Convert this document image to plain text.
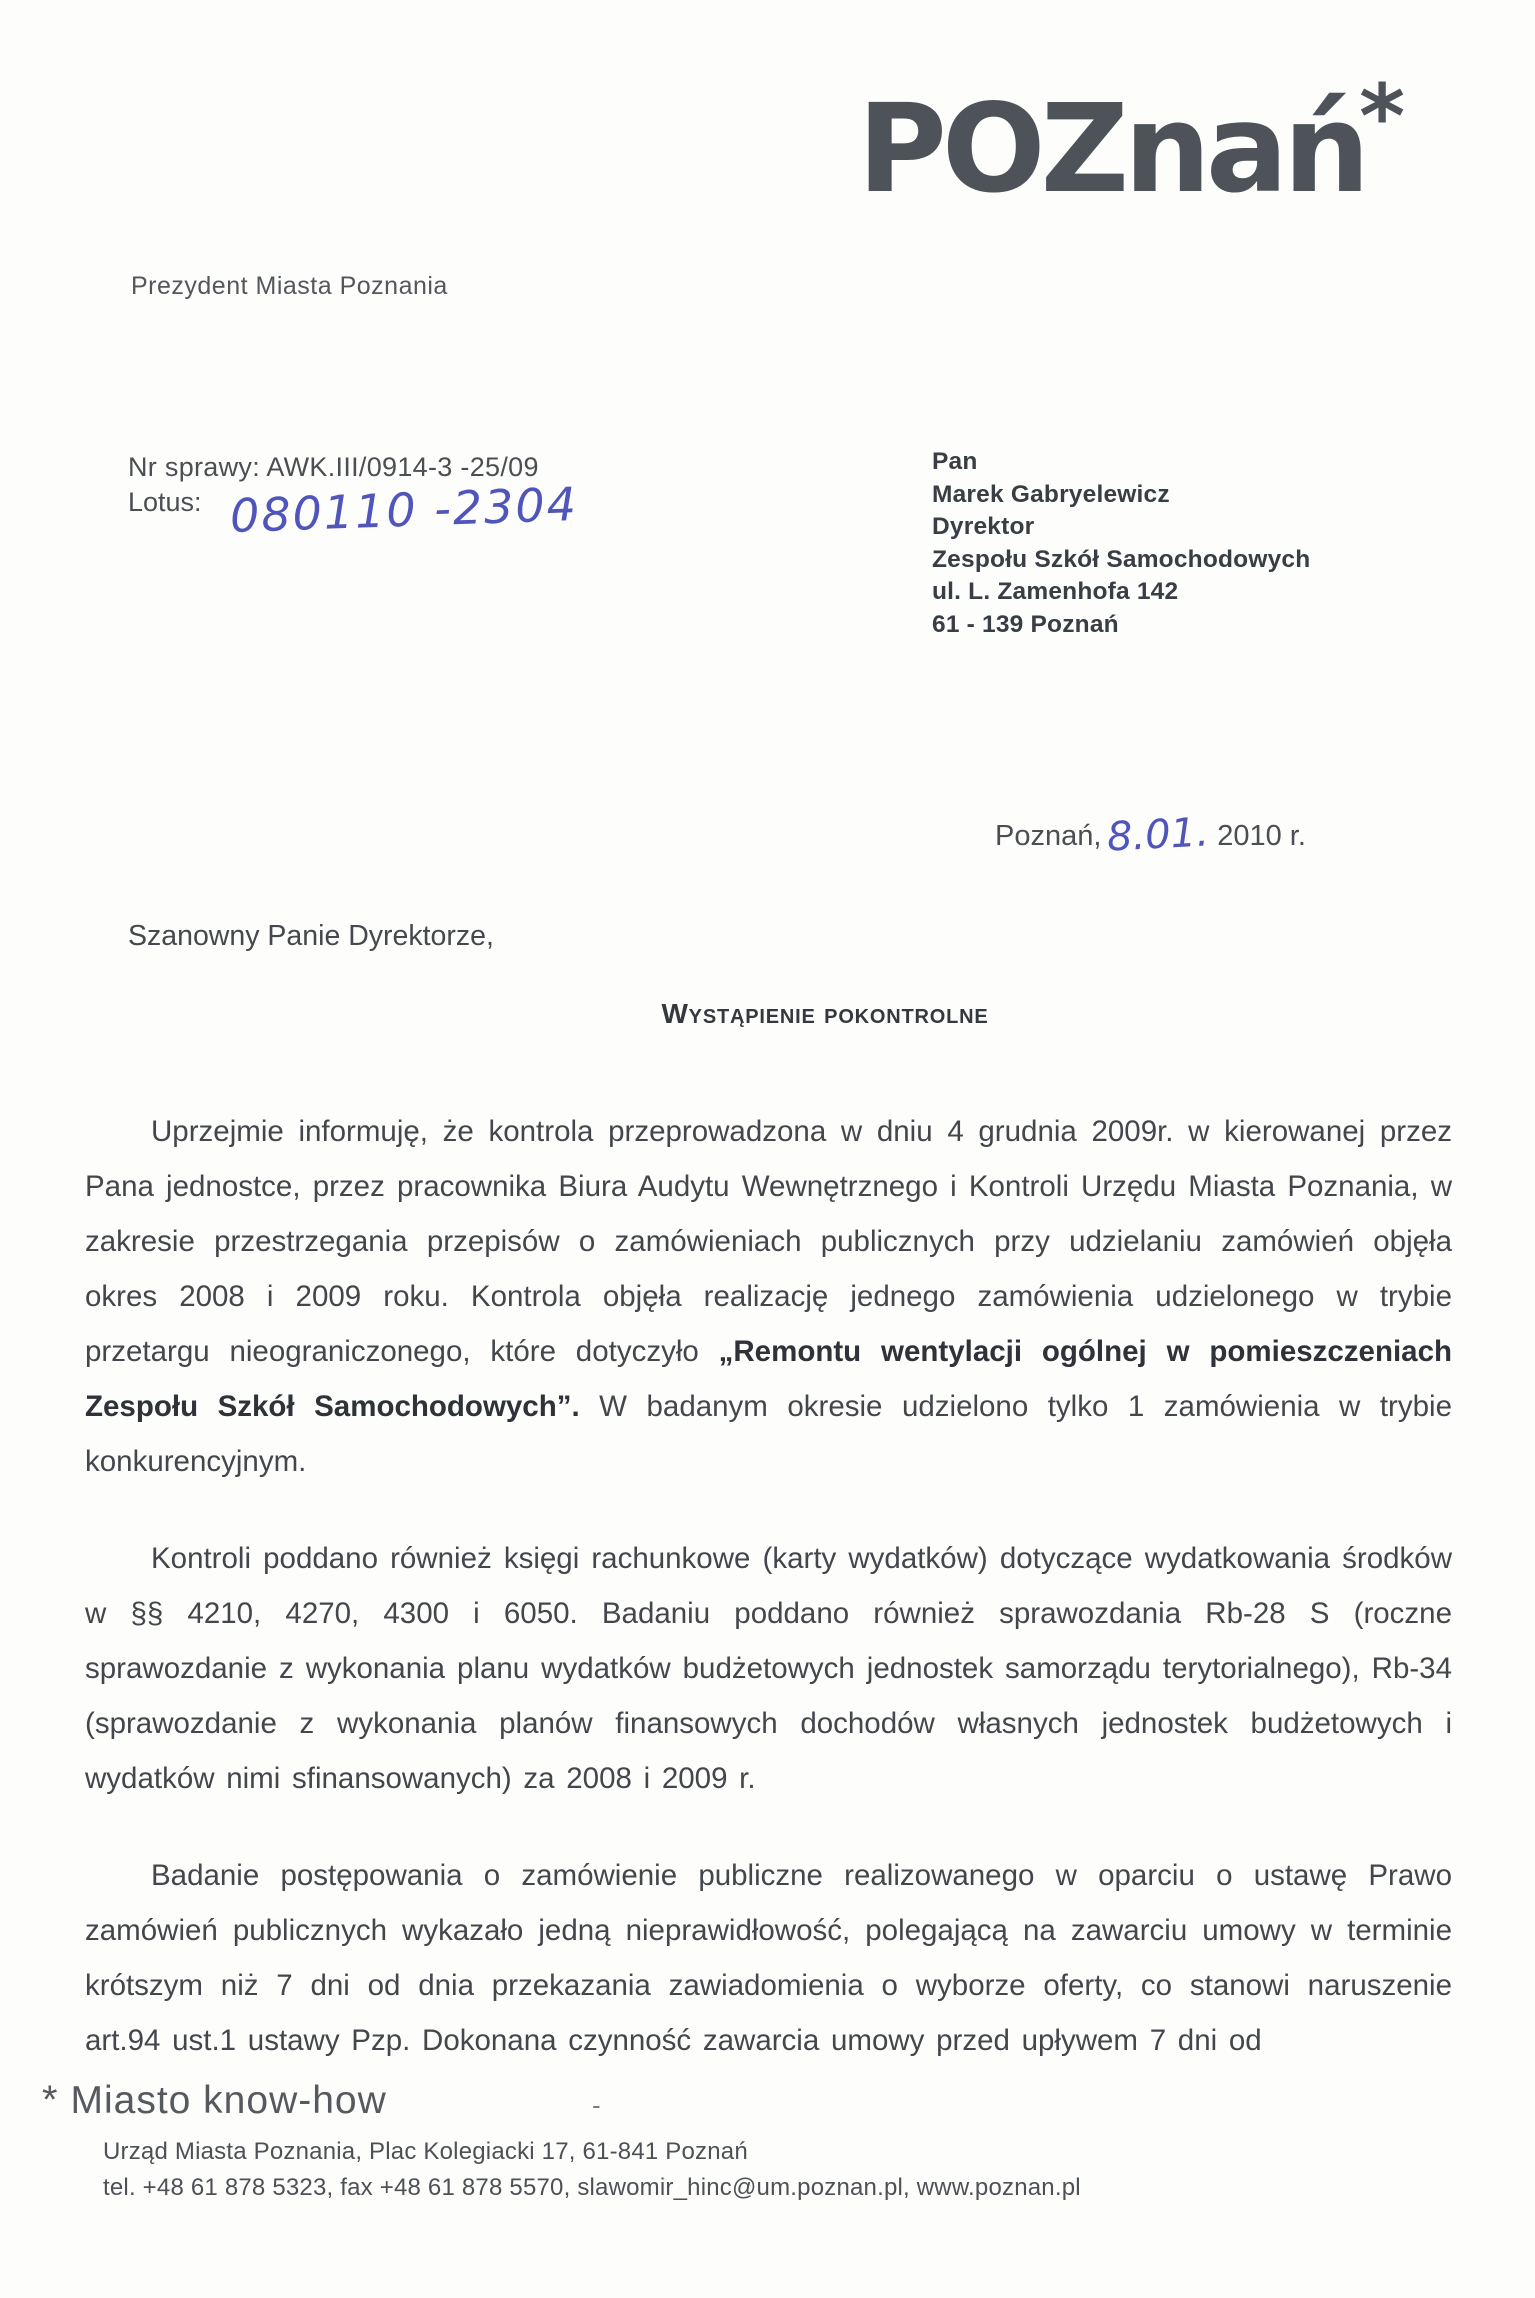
POZnań*
Prezydent Miasta Poznania
Nr sprawy: AWK.III/0914-3 -25/09
Lotus: 080110 -2304
Pan
Marek Gabryelewicz
Dyrektor
Zespołu Szkół Samochodowych
ul. L. Zamenhofa 142
61 - 139 Poznań
Poznań, 8.01. 2010 r.
Szanowny Panie Dyrektorze,
Wystąpienie pokontrolne

Uprzejmie informuję, że kontrola przeprowadzona w dniu 4 grudnia 2009r. w kierowanej przez Pana jednostce, przez pracownika Biura Audytu Wewnętrznego i Kontroli Urzędu Miasta Poznania, w zakresie przestrzegania przepisów o zamówieniach publicznych przy udzielaniu zamówień objęła okres 2008 i 2009 roku. Kontrola objęła realizację jednego zamówienia udzielonego w trybie przetargu nieograniczonego, które dotyczyło „Remontu wentylacji ogólnej w pomieszczeniach Zespołu Szkół Samochodowych”. W badanym okresie udzielono tylko 1 zamówienia w trybie konkurencyjnym.

Kontroli poddano również księgi rachunkowe (karty wydatków) dotyczące wydatkowania środków w §§ 4210, 4270, 4300 i 6050. Badaniu poddano również sprawozdania Rb-28 S (roczne sprawozdanie z wykonania planu wydatków budżetowych jednostek samorządu terytorialnego), Rb-34 (sprawozdanie z wykonania planów finansowych dochodów własnych jednostek budżetowych i wydatków nimi sfinansowanych) za 2008 i 2009 r.

Badanie postępowania o zamówienie publiczne realizowanego w oparciu o ustawę Prawo zamówień publicznych wykazało jedną nieprawidłowość, polegającą na zawarciu umowy w terminie krótszym niż 7 dni od dnia przekazania zawiadomienia o wyborze oferty, co stanowi naruszenie art.94 ust.1 ustawy Pzp. Dokonana czynność zawarcia umowy przed upływem 7 dni od

* Miasto know-how	-
Urząd Miasta Poznania, Plac Kolegiacki 17, 61-841 Poznań
tel. +48 61 878 5323, fax +48 61 878 5570, slawomir_hinc@um.poznan.pl, www.poznan.pl
